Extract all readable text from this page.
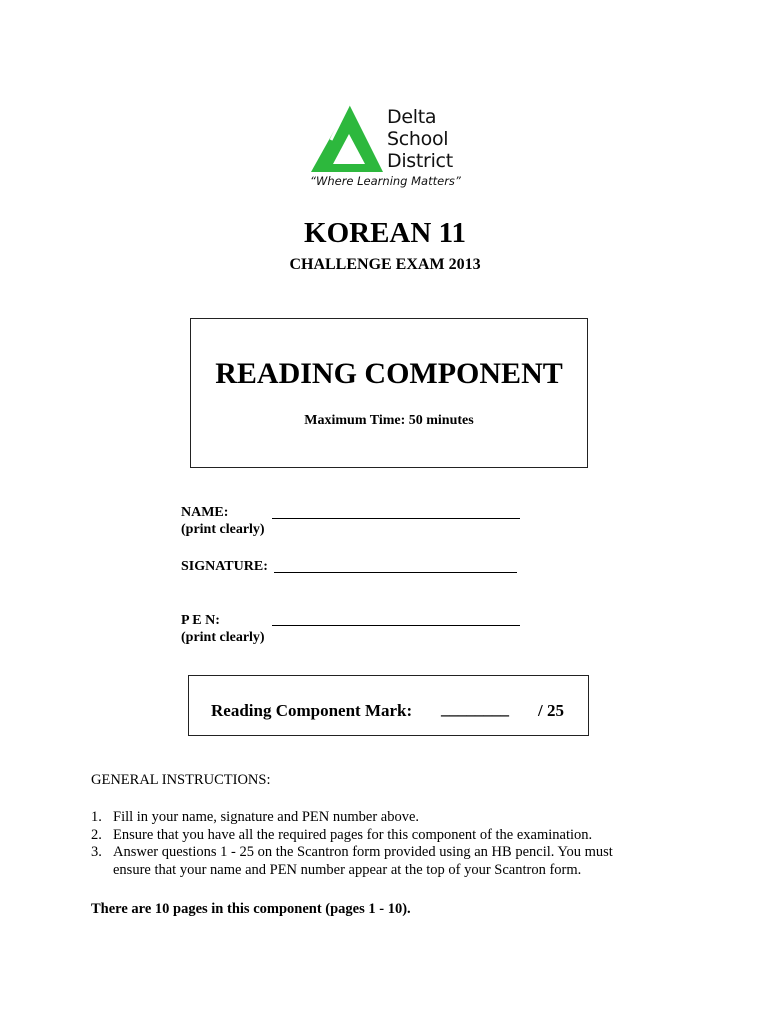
Delta
School
District
“Where Learning Matters”
KOREAN 11
CHALLENGE EXAM 2013
READING COMPONENT
Maximum Time: 50 minutes
NAME:
(print clearly)
SIGNATURE:
P E N:
(print clearly)
Reading Component Mark: ________ / 25
GENERAL INSTRUCTIONS:
1. Fill in your name, signature and PEN number above.
2. Ensure that you have all the required pages for this component of the examination.
3. Answer questions 1 - 25 on the Scantron form provided using an HB pencil. You must ensure that your name and PEN number appear at the top of your Scantron form.
There are 10 pages in this component (pages 1 - 10).
